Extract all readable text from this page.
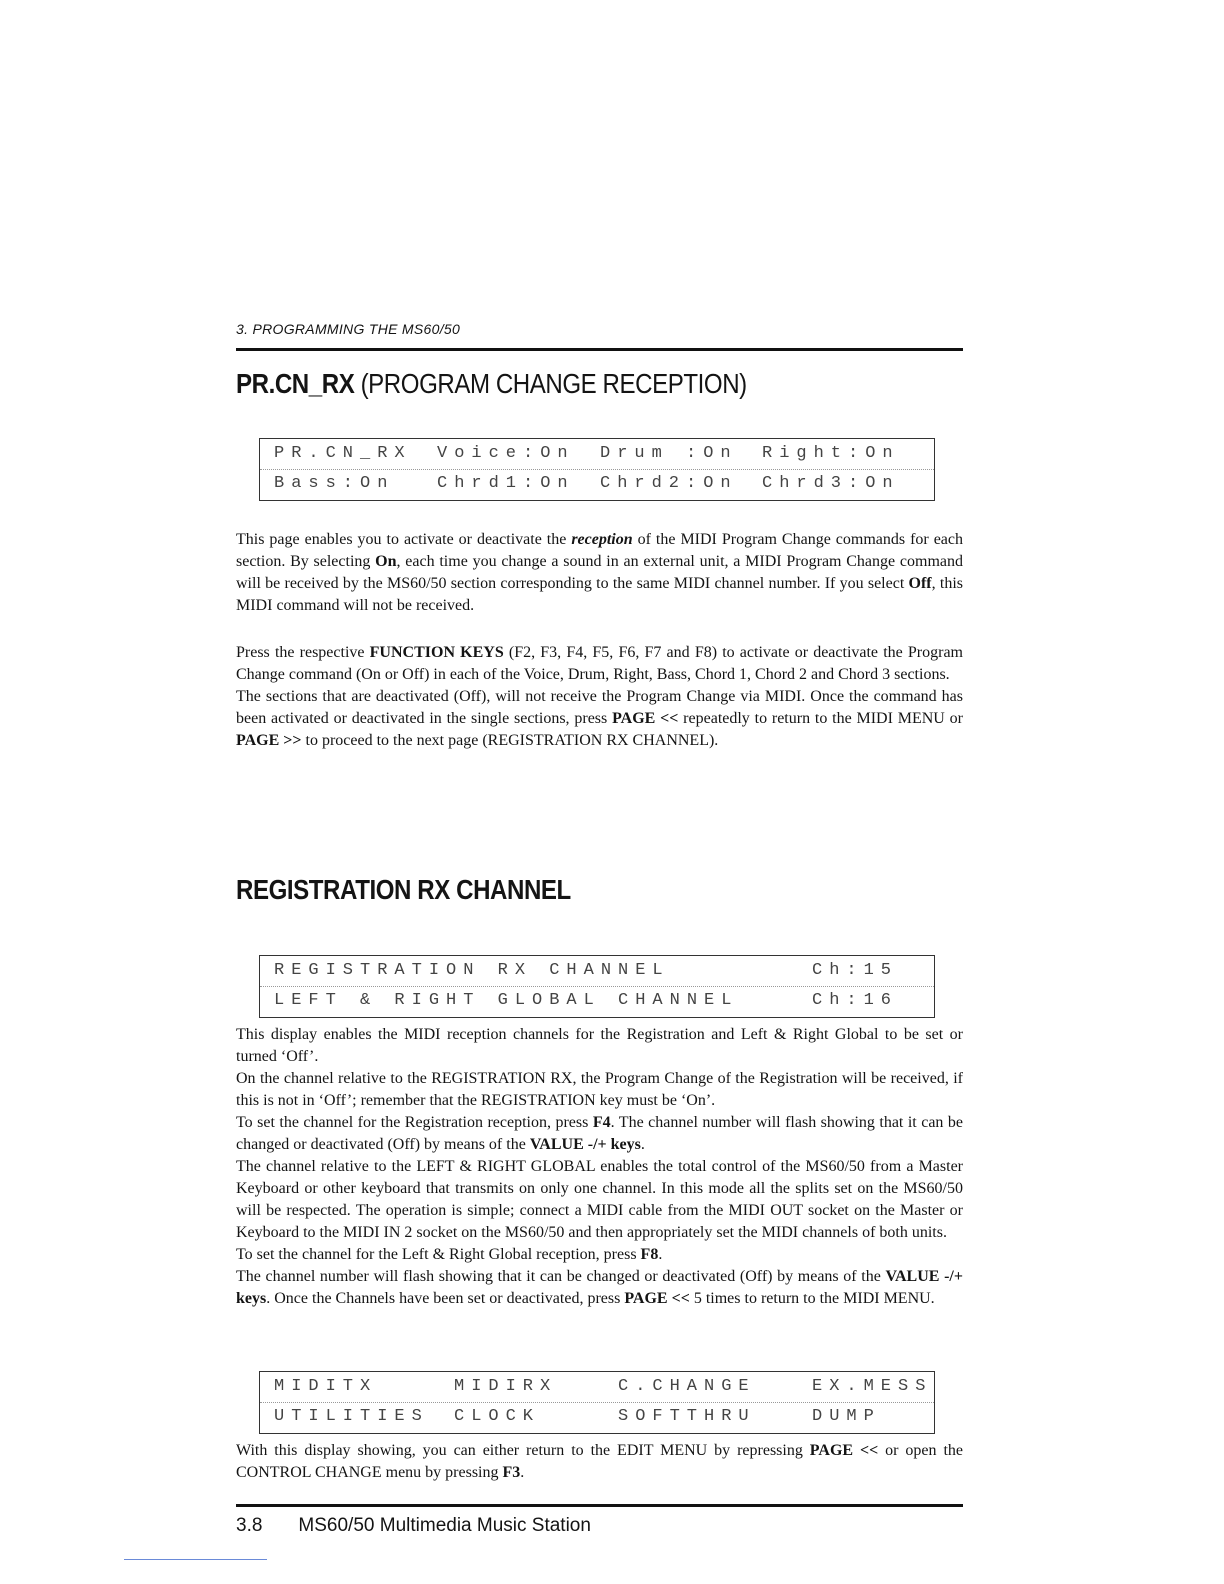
3. PROGRAMMING THE MS60/50
PR.CN_RX (PROGRAM CHANGE RECEPTION)
PR.CN_RX Voice:On Drum :On Right:On
Bass:On	Chrd1:On Chrd2:On Chrd3:On

This page enables you to activate or deactivate the reception of the MIDI Program Change commands for each section. By selecting On, each time you change a sound in an external unit, a MIDI Program Change command will be received by the MS60/50 section corresponding to the same MIDI channel number. If you select Off, this MIDI command will not be received.

Press the respective FUNCTION KEYS (F2, F3, F4, F5, F6, F7 and F8) to activate or deactivate the Program Change command (On or Off) in each of the Voice, Drum, Right, Bass, Chord 1, Chord 2 and Chord 3 sections.

The sections that are deactivated (Off), will not receive the Program Change via MIDI. Once the command has been activated or deactivated in the single sections, press PAGE << repeatedly to return to the MIDI MENU or PAGE >> to proceed to the next page (REGISTRATION RX CHANNEL).

REGISTRATION RX CHANNEL
REGISTRATION RX CHANNEL	Ch:15
LEFT & RIGHT GLOBAL CHANNEL	Ch:16

This display enables the MIDI reception channels for the Registration and Left & Right Global to be set or turned ‘Off’.

On the channel relative to the REGISTRATION RX, the Program Change of the Registration will be received, if this is not in ‘Off’; remember that the REGISTRATION key must be ‘On’.

To set the channel for the Registration reception, press F4. The channel number will flash showing that it can be changed or deactivated (Off) by means of the VALUE -/+ keys.

The channel relative to the LEFT & RIGHT GLOBAL enables the total control of the MS60/50 from a Master Keyboard or other keyboard that transmits on only one channel. In this mode all the splits set on the MS60/50 will be respected. The operation is simple; connect a MIDI cable from the MIDI OUT socket on the Master or Keyboard to the MIDI IN 2 socket on the MS60/50 and then appropriately set the MIDI channels of both units.

To set the channel for the Left & Right Global reception, press F8.

The channel number will flash showing that it can be changed or deactivated (Off) by means of the VALUE -/+ keys. Once the Channels have been set or deactivated, press PAGE << 5 times to return to the MIDI MENU.

MIDITX	MIDIRX	C.CHANGE	EX.MESS
UTILITIES CLOCK	SOFTTHRU	DUMP

With this display showing, you can either return to the EDIT MENU by repressing PAGE << or open the CONTROL CHANGE menu by pressing F3.

3.8 MS60/50 Multimedia Music Station
